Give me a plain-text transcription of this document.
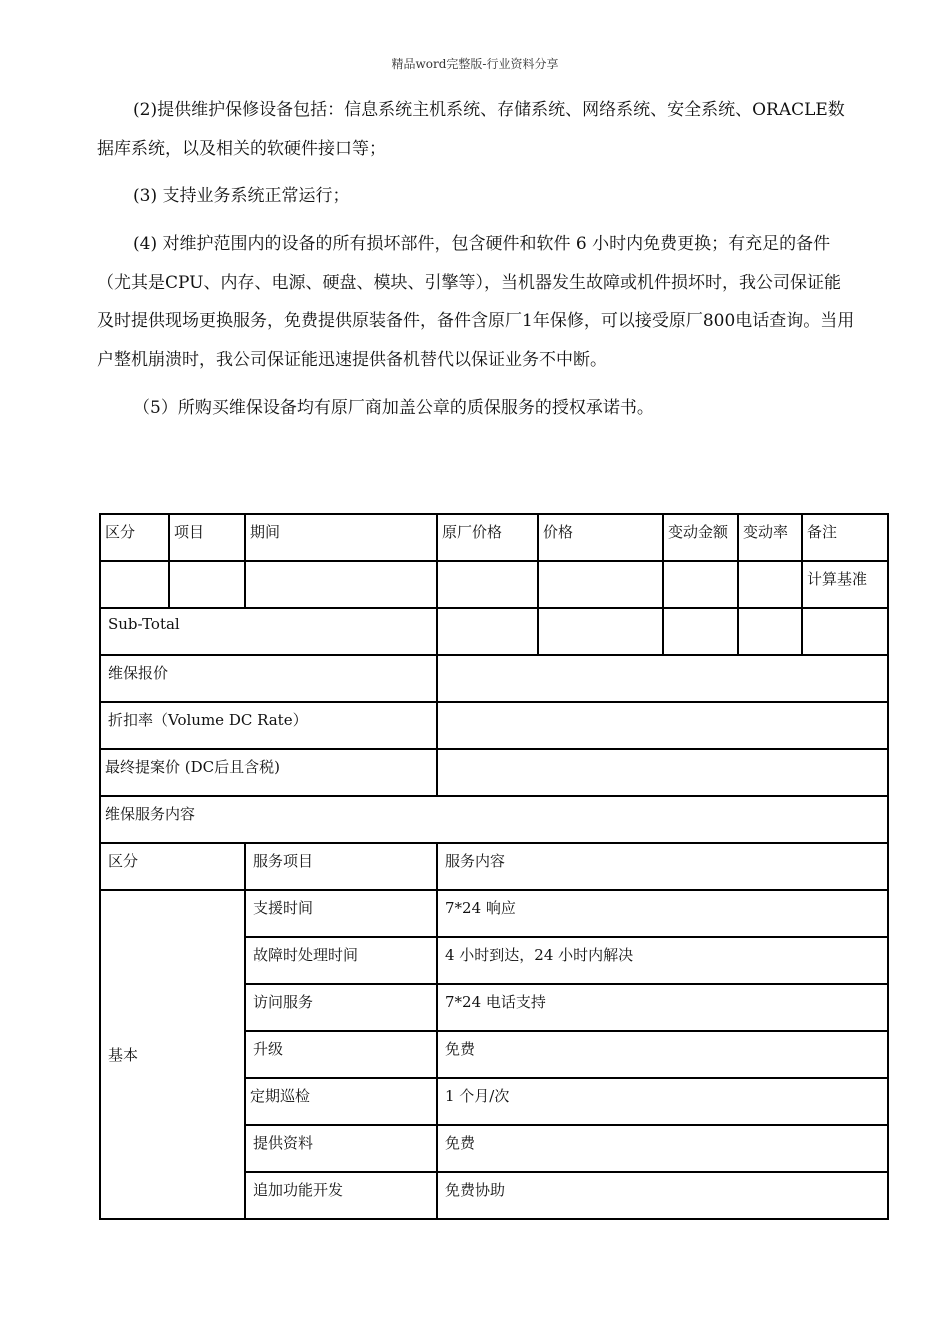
精品word完整版-行业资料分享
(2)提供维护保修设备包括：信息系统主机系统、存储系统、网络系统、安全系统、ORACLE数据库系统，以及相关的软硬件接口等；
(3) 支持业务系统正常运行；
(4) 对维护范围内的设备的所有损坏部件，包含硬件和软件 6 小时内免费更换；有充足的备件（尤其是CPU、内存、电源、硬盘、模块、引擎等），当机器发生故障或机件损坏时，我公司保证能及时提供现场更换服务，免费提供原装备件，备件含原厂1年保修，可以接受原厂800电话查询。当用户整机崩溃时，我公司保证能迅速提供备机替代以保证业务不中断。
（5）所购买维保设备均有原厂商加盖公章的质保服务的授权承诺书。
区分	项目	期间	原厂价格	价格	变动金额	变动率	备注
							计算基准
Sub-Total							
维保报价							
折扣率（Volume DC Rate）							
最终提案价 (DC后且含税)							
维保服务内容							
区分		服务项目	服务内容				
基本		支援时间	7*24 响应				
		故障时处理时间	4 小时到达，24 小时内解决				
		访问服务	7*24 电话支持				
		升级	免费				
		定期巡检	1 个月/次				
		提供资料	免费				
		追加功能开发	免费协助				
